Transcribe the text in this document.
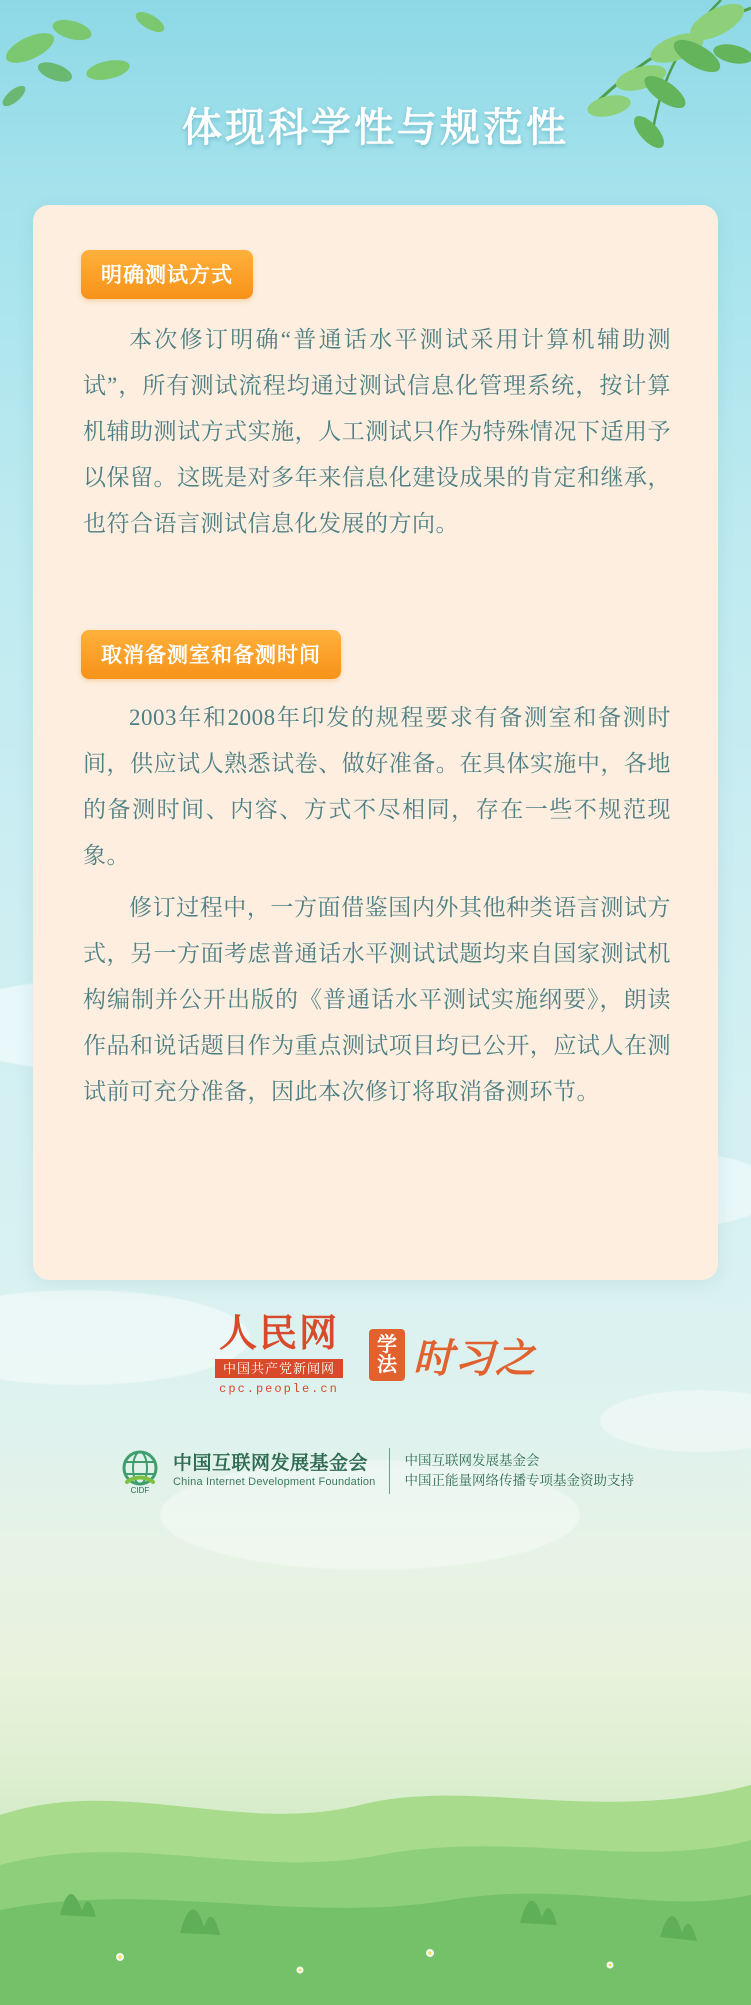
体现科学性与规范性
明确测试方式
本次修订明确“普通话水平测试采用计算机辅助测试”，所有测试流程均通过测试信息化管理系统，按计算机辅助测试方式实施，人工测试只作为特殊情况下适用予以保留。这既是对多年来信息化建设成果的肯定和继承，也符合语言测试信息化发展的方向。
取消备测室和备测时间
2003年和2008年印发的规程要求有备测室和备测时间，供应试人熟悉试卷、做好准备。在具体实施中，各地的备测时间、内容、方式不尽相同，存在一些不规范现象。
修订过程中，一方面借鉴国内外其他种类语言测试方式，另一方面考虑普通话水平测试试题均来自国家测试机构编制并公开出版的《普通话水平测试实施纲要》，朗读作品和说话题目作为重点测试项目均已公开，应试人在测试前可充分准备，因此本次修订将取消备测环节。
人民网
中国共产党新闻网
cpc.people.cn
学法 时习之
CIDF
中国互联网发展基金会
China Internet Development Foundation
中国互联网发展基金会
中国正能量网络传播专项基金资助支持
